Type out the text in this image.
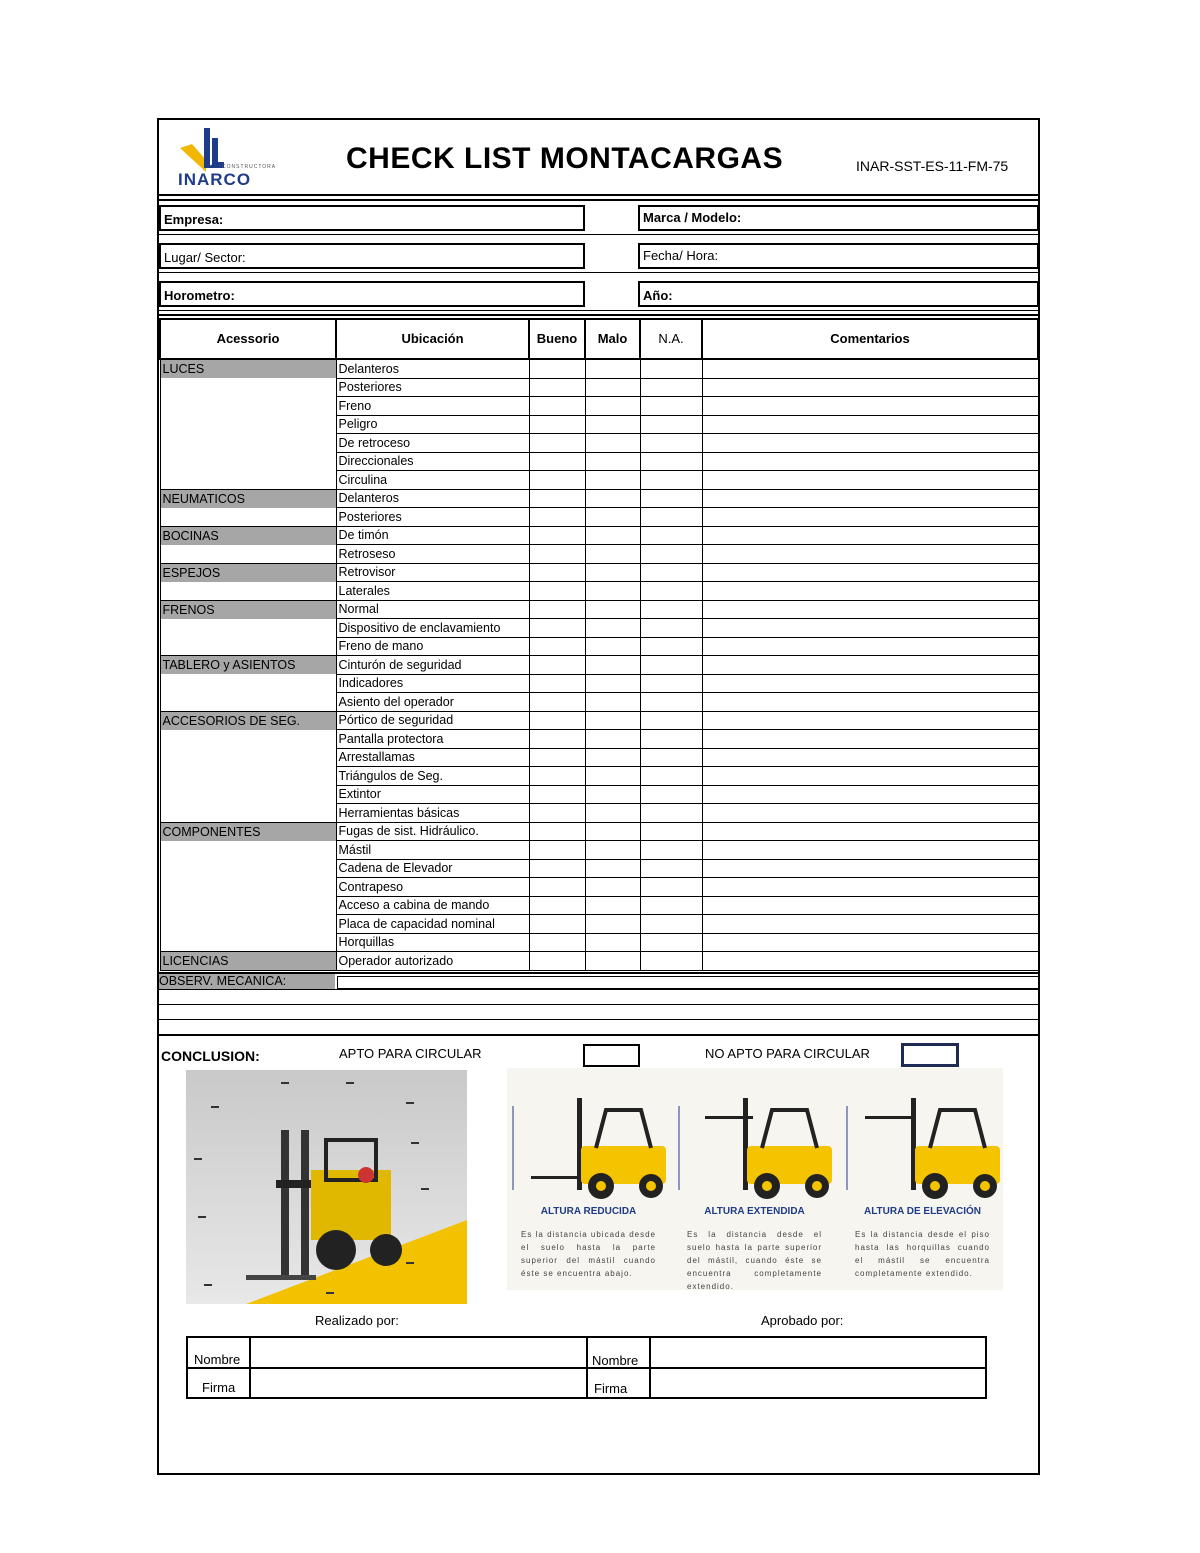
CONSTRUCTORA
INARCO
CHECK LIST MONTACARGAS	INAR-SST-ES-11-FM-75
Empresa:
Lugar/ Sector:
Horometro:
Marca / Modelo:
Fecha/ Hora:
Año:
Acessorio	Ubicación	Bueno	Malo	N.A.	Comentarios
LUCES	Delanteros				
	Posteriores				
	Freno				
	Peligro				
	De retroceso				
	Direccionales				
	Circulina				
NEUMATICOS	Delanteros				
	Posteriores				
BOCINAS	De timón				
	Retroseso				
ESPEJOS	Retrovisor				
	Laterales				
FRENOS	Normal				
	Dispositivo de enclavamiento				
	Freno de mano				
TABLERO y ASIENTOS	Cinturón de seguridad				
	Indicadores				
	Asiento del operador				
ACCESORIOS DE SEG.	Pórtico de seguridad				
	Pantalla protectora				
	Arrestallamas				
	Triángulos de Seg.				
	Extintor				
	Herramientas básicas				
COMPONENTES	Fugas de sist. Hidráulico.				
	Mástil				
	Cadena de Elevador				
	Contrapeso				
	Acceso a cabina de mando				
	Placa de capacidad nominal				
	Horquillas				
LICENCIAS	Operador autorizado				
OBSERV. MECANICA:
CONCLUSION:	APTO PARA CIRCULAR	NO APTO PARA CIRCULAR
ALTURA REDUCIDA
Es la distancia ubicada desde el suelo hasta la parte superior del mástil cuando éste se encuentra abajo.
ALTURA EXTENDIDA
Es la distancia desde el suelo hasta la parte superior del mástil, cuando éste se encuentra completamente extendido.
ALTURA DE ELEVACIÓN
Es la distancia desde el piso hasta las horquillas cuando el mástil se encuentra completamente extendido.
Realizado por:	Aprobado por:
Nombre
Firma
Nombre
Firma
